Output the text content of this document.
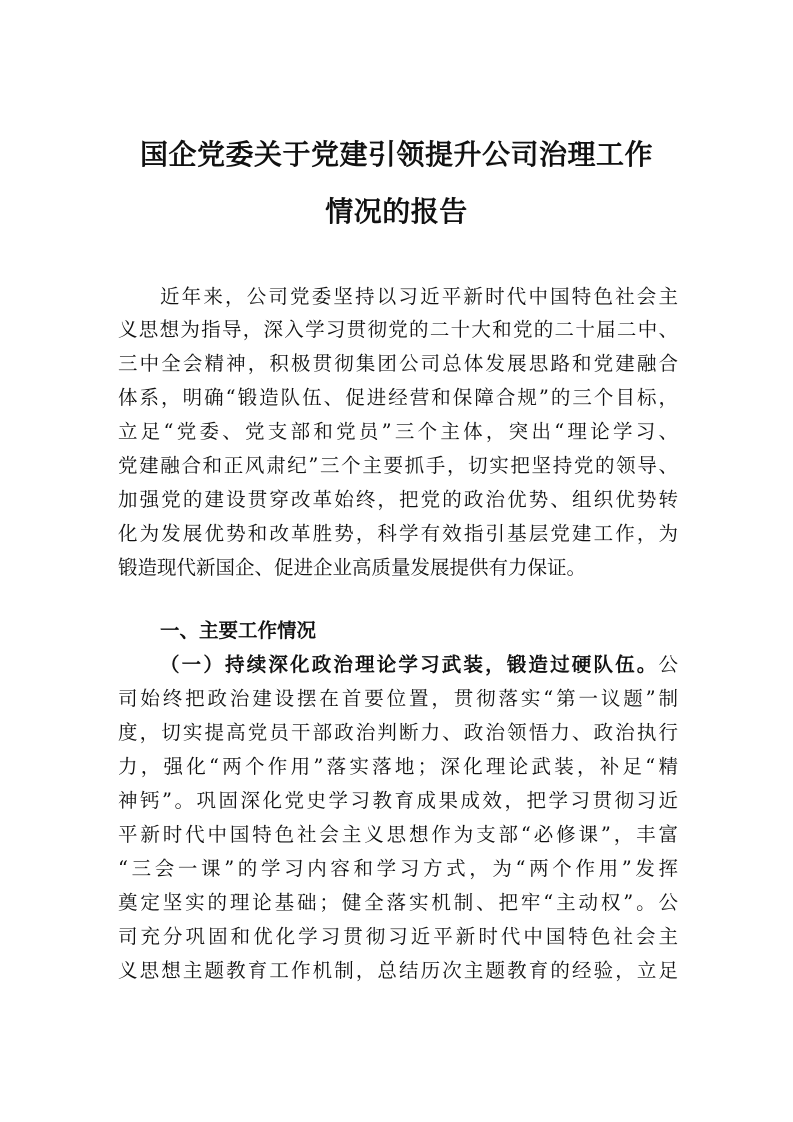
国企党委关于党建引领提升公司治理工作
情况的报告
近年来，公司党委坚持以习近平新时代中国特色社会主
义思想为指导，深入学习贯彻党的二十大和党的二十届二中、
三中全会精神，积极贯彻集团公司总体发展思路和党建融合
体系，明确“锻造队伍、促进经营和保障合规”的三个目标，
立足“党委、党支部和党员”三个主体，突出“理论学习、
党建融合和正风肃纪”三个主要抓手，切实把坚持党的领导、
加强党的建设贯穿改革始终，把党的政治优势、组织优势转
化为发展优势和改革胜势，科学有效指引基层党建工作，为
锻造现代新国企、促进企业高质量发展提供有力保证。
一、主要工作情况
（一）持续深化政治理论学习武装，锻造过硬队伍。公
司始终把政治建设摆在首要位置，贯彻落实“第一议题”制
度，切实提高党员干部政治判断力、政治领悟力、政治执行
力，强化“两个作用”落实落地；深化理论武装，补足“精
神钙”。巩固深化党史学习教育成果成效，把学习贯彻习近
平新时代中国特色社会主义思想作为支部“必修课”，丰富
“三会一课”的学习内容和学习方式，为“两个作用”发挥
奠定坚实的理论基础；健全落实机制、把牢“主动权”。公
司充分巩固和优化学习贯彻习近平新时代中国特色社会主
义思想主题教育工作机制，总结历次主题教育的经验，立足
